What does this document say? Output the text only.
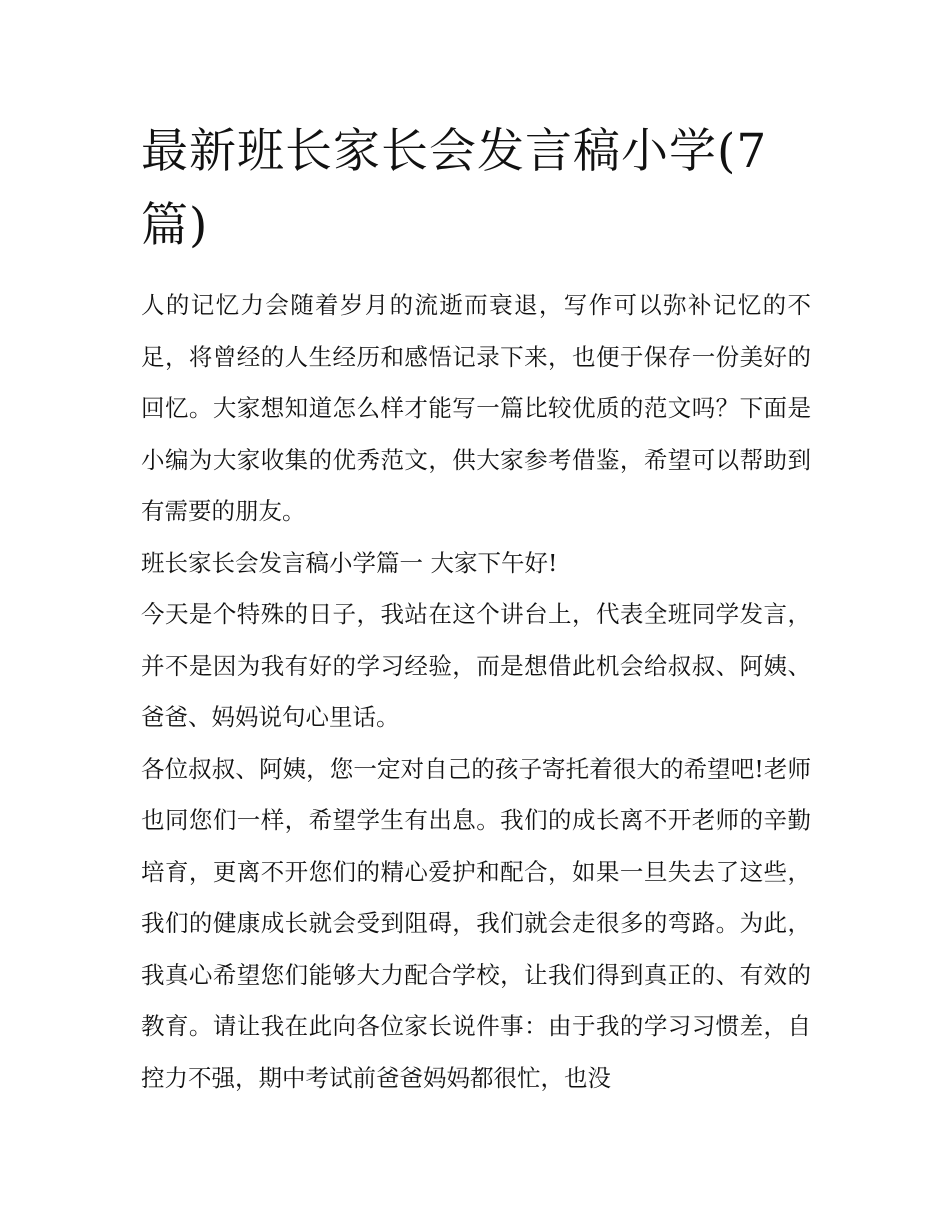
最新班长家长会发言稿小学(7篇)

人的记忆力会随着岁月的流逝而衰退，写作可以弥补记忆的不足，将曾经的人生经历和感悟记录下来，也便于保存一份美好的回忆。大家想知道怎么样才能写一篇比较优质的范文吗？下面是小编为大家收集的优秀范文，供大家参考借鉴，希望可以帮助到有需要的朋友。

班长家长会发言稿小学篇一 大家下午好!

今天是个特殊的日子，我站在这个讲台上，代表全班同学发言，并不是因为我有好的学习经验，而是想借此机会给叔叔、阿姨、爸爸、妈妈说句心里话。

各位叔叔、阿姨，您一定对自己的孩子寄托着很大的希望吧!老师也同您们一样，希望学生有出息。我们的成长离不开老师的辛勤培育，更离不开您们的精心爱护和配合，如果一旦失去了这些，我们的健康成长就会受到阻碍，我们就会走很多的弯路。为此，我真心希望您们能够大力配合学校，让我们得到真正的、有效的教育。请让我在此向各位家长说件事：由于我的学习习惯差，自控力不强，期中考试前爸爸妈妈都很忙，也没
